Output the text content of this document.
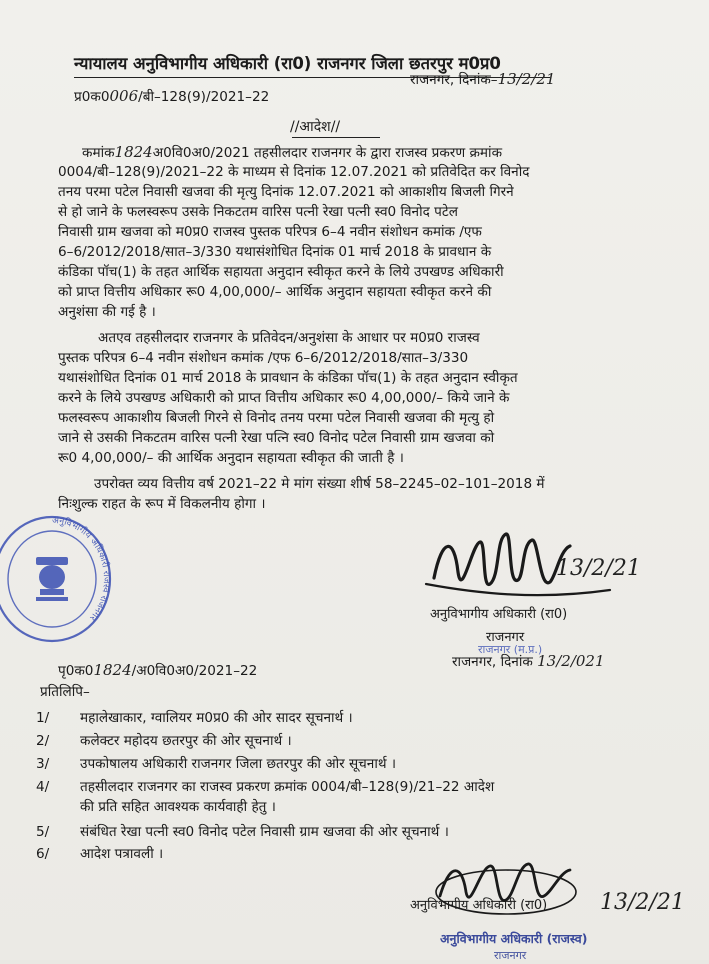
न्यायालय अनुविभागीय अधिकारी (रा0) राजनगर जिला छतरपुर म0प्र0
राजनगर, दिनांक–13/2/21
प्र0क0006/बी–128(9)/2021–22
//आदेश//
कमांक1824अ0वि0अ0/2021 तहसीलदार राजनगर के द्वारा राजस्व प्रकरण क्रमांक
0004/बी–128(9)/2021–22 के माध्यम से दिनांक 12.07.2021 को प्रतिवेदित कर विनोद
तनय परमा पटेल निवासी खजवा की मृत्यु दिनांक 12.07.2021 को आकाशीय बिजली गिरने
से हो जाने के फलस्वरूप उसके निकटतम वारिस पत्नी रेखा पत्नी स्व0 विनोद पटेल
निवासी ग्राम खजवा को म0प्र0 राजस्व पुस्तक परिपत्र 6–4 नवीन संशोधन कमांक /एफ
6–6/2012/2018/सात–3/330 यथासंशोधित दिनांक 01 मार्च 2018 के प्रावधान के
कंडिका पॉच(1) के तहत आर्थिक सहायता अनुदान स्वीकृत करने के लिये उपखण्ड अधिकारी
को प्राप्त वित्तीय अधिकार रू0 4,00,000/– आर्थिक अनुदान सहायता स्वीकृत करने की
अनुशंसा की गई है ।
अतएव तहसीलदार राजनगर के प्रतिवेदन/अनुशंसा के आधार पर म0प्र0 राजस्व
पुस्तक परिपत्र 6–4 नवीन संशोधन कमांक /एफ 6–6/2012/2018/सात–3/330
यथासंशोधित दिनांक 01 मार्च 2018 के प्रावधान के कंडिका पॉच(1) के तहत अनुदान स्वीकृत
करने के लिये उपखण्ड अधिकारी को प्राप्त वित्तीय अधिकार रू0 4,00,000/– किये जाने के
फलस्वरूप आकाशीय बिजली गिरने से विनोद तनय परमा पटेल निवासी खजवा की मृत्यु हो
जाने से उसकी निकटतम वारिस पत्नी रेखा पत्नि स्व0 विनोद पटेल निवासी ग्राम खजवा को
रू0 4,00,000/– की आर्थिक अनुदान सहायता स्वीकृत की जाती है ।
उपरोक्त व्यय वित्तीय वर्ष 2021–22 मे मांग संख्या शीर्ष 58–2245–02–101–2018 में
निःशुल्क राहत के रूप में विकलनीय होगा ।
अनुविभागीय अधिकारी राजस्व राजनगर
13/2/21
अनुविभागीय अधिकारी (रा0)
राजनगर
राजनगर (म.प्र.)
राजनगर, दिनांक 13/2/021
पृ0क01824/अ0वि0अ0/2021–22
प्रतिलिपि–
1/ महालेखाकार, ग्वालियर म0प्र0 की ओर सादर सूचनार्थ ।
2/ कलेक्टर महोदय छतरपुर की ओर सूचनार्थ ।
3/ उपकोषालय अधिकारी राजनगर जिला छतरपुर की ओर सूचनार्थ ।
4/ तहसीलदार राजनगर का राजस्व प्रकरण क्रमांक 0004/बी–128(9)/21–22 आदेश
की प्रति सहित आवश्यक कार्यवाही हेतु ।
5/ संबंधित रेखा पत्नी स्व0 विनोद पटेल निवासी ग्राम खजवा की ओर सूचनार्थ ।
6/ आदेश पत्रावली ।
13/2/21
अनुविभागीय अधिकारी (रा0)
अनुविभागीय अधिकारी (राजस्व)
राजनगर
